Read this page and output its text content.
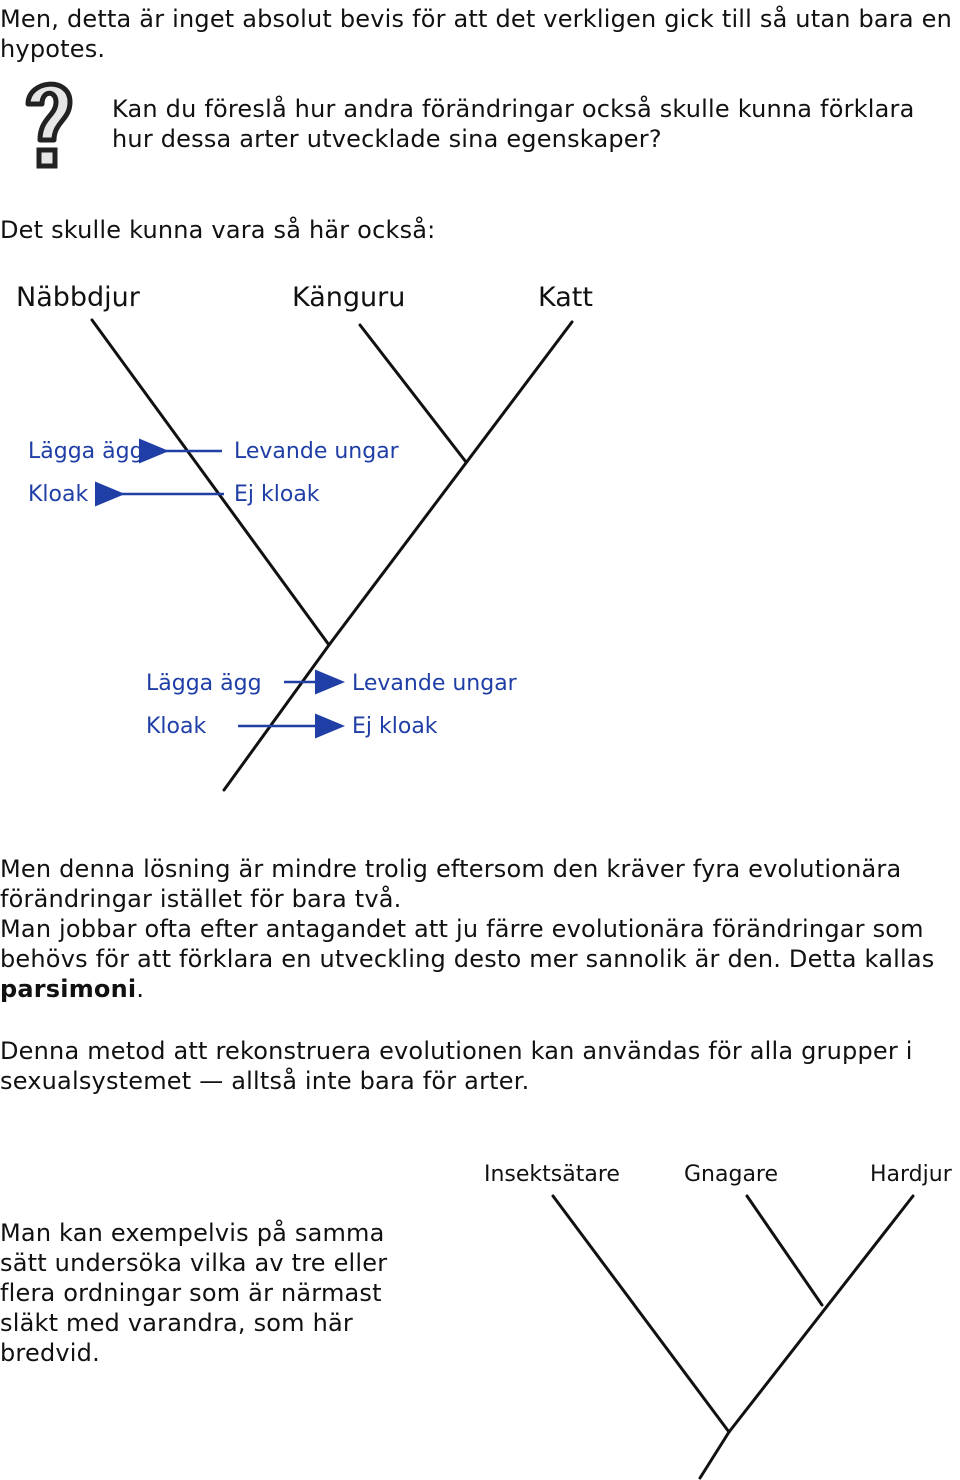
Men, detta är inget absolut bevis för att det verkligen gick till så utan bara en hypotes.

Kan du föreslå hur andra förändringar också skulle kunna förklara hur dessa arter utvecklade sina egenskaper?

Det skulle kunna vara så här också:

Näbbdjur	Känguru	Katt
Lägga ägg
Kloak
Levande ungar
Ej kloak
Lägga ägg
Kloak
Levande ungar
Ej kloak

Men denna lösning är mindre trolig eftersom den kräver fyra evolutionära förändringar istället för bara två.

Man jobbar ofta efter antagandet att ju färre evolutionära förändringar som behövs för att förklara en utveckling desto mer sannolik är den. Detta kallas parsimoni.

Denna metod att rekonstruera evolutionen kan användas för alla grupper i sexualsystemet — alltså inte bara för arter.

Man kan exempelvis på samma sätt undersöka vilka av tre eller flera ordningar som är närmast släkt med varandra, som här bredvid.

Insektsätare	Gnagare	Hardjur
